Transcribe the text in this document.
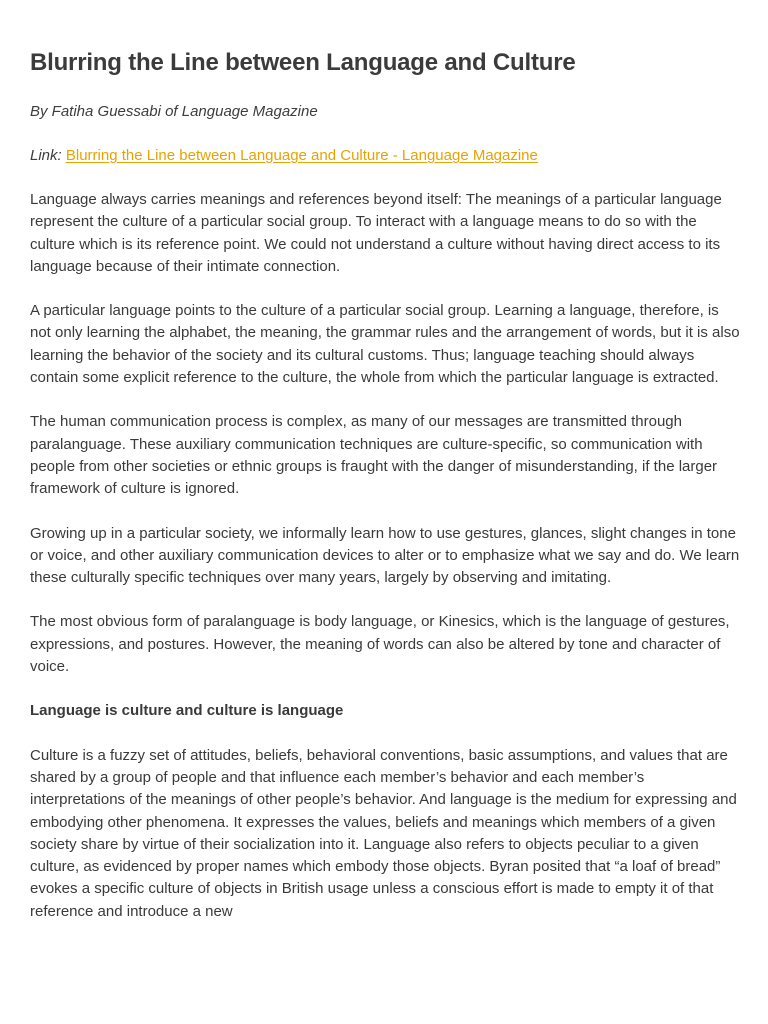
Blurring the Line between Language and Culture

By Fatiha Guessabi of Language Magazine

Link: Blurring the Line between Language and Culture - Language Magazine

Language always carries meanings and references beyond itself: The meanings of a particular language represent the culture of a particular social group. To interact with a language means to do so with the culture which is its reference point. We could not understand a culture without having direct access to its language because of their intimate connection.

A particular language points to the culture of a particular social group. Learning a language, therefore, is not only learning the alphabet, the meaning, the grammar rules and the arrangement of words, but it is also learning the behavior of the society and its cultural customs. Thus; language teaching should always contain some explicit reference to the culture, the whole from which the particular language is extracted.

The human communication process is complex, as many of our messages are transmitted through paralanguage. These auxiliary communication techniques are culture-specific, so communication with people from other societies or ethnic groups is fraught with the danger of misunderstanding, if the larger framework of culture is ignored.

Growing up in a particular society, we informally learn how to use gestures, glances, slight changes in tone or voice, and other auxiliary communication devices to alter or to emphasize what we say and do. We learn these culturally specific techniques over many years, largely by observing and imitating.

The most obvious form of paralanguage is body language, or Kinesics, which is the language of gestures, expressions, and postures. However, the meaning of words can also be altered by tone and character of voice.

Language is culture and culture is language

Culture is a fuzzy set of attitudes, beliefs, behavioral conventions, basic assumptions, and values that are shared by a group of people and that influence each member’s behavior and each member’s interpretations of the meanings of other people’s behavior. And language is the medium for expressing and embodying other phenomena. It expresses the values, beliefs and meanings which members of a given society share by virtue of their socialization into it. Language also refers to objects peculiar to a given culture, as evidenced by proper names which embody those objects. Byran posited that “a loaf of bread” evokes a specific culture of objects in British usage unless a conscious effort is made to empty it of that reference and introduce a new
